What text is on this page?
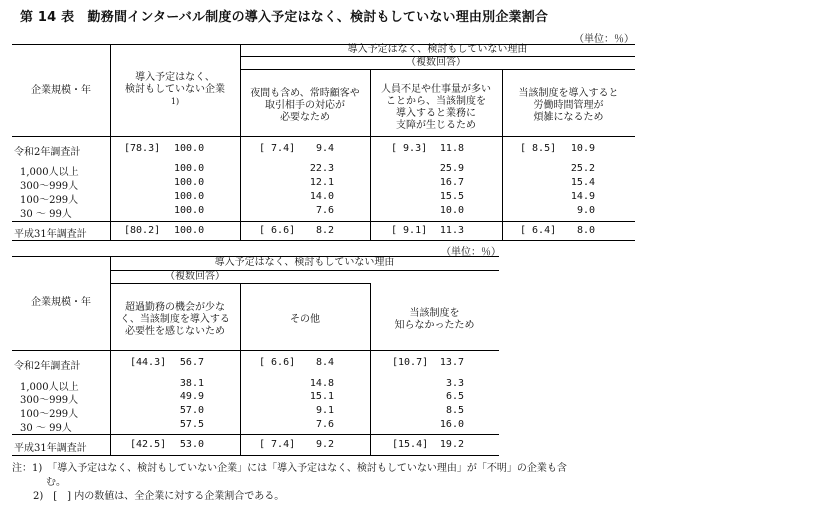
第 14 表　勤務間インターバル制度の導入予定はなく、検討もしていない理由別企業割合
（単位：％）
企業規模・年
導入予定はなく、
検討もしていない企業
1)
導入予定はなく、検討もしていない理由
（複数回答）
夜間も含め、常時顧客や
取引相手の対応が
必要なため
人員不足や仕事量が多い
ことから、当該制度を
導入すると業務に
支障が生じるため
当該制度を導入すると
労働時間管理が
煩雑になるため
令和2年調査計	[78.3] 100.0	[ 7.4]	9.4	[ 9.3]	11.8	[ 8.5]	10.9
1,000人以上	100.0	22.3	25.9	25.2
300～999人	100.0	12.1	16.7	15.4
100～299人	100.0	14.0	15.5	14.9
30 ～ 99人	100.0	7.6	10.0	9.0
平成31年調査計	[80.2] 100.0	[ 6.6]	8.2	[ 9.1]	11.3	[ 6.4]	8.0
（単位：％）
企業規模・年
導入予定はなく、検討もしていない理由
（複数回答）
超過勤務の機会が少な
く、当該制度を導入する
必要性を感じないため
その他
当該制度を
知らなかったため
令和2年調査計	[44.3]	56.7	[ 6.6]	8.4	[10.7]	13.7
1,000人以上	38.1	14.8	3.3
300～999人	49.9	15.1	6.5
100～299人	57.0	9.1	8.5
30 ～ 99人	57.5	7.6	16.0
平成31年調査計	[42.5]	53.0	[ 7.4]	9.2	[15.4]	19.2
注：1)　「導入予定はなく、検討もしていない企業」には「導入予定はなく、検討もしていない理由」が「不明」の企業も含
む。
2)　[　] 内の数値は、全企業に対する企業割合である。
